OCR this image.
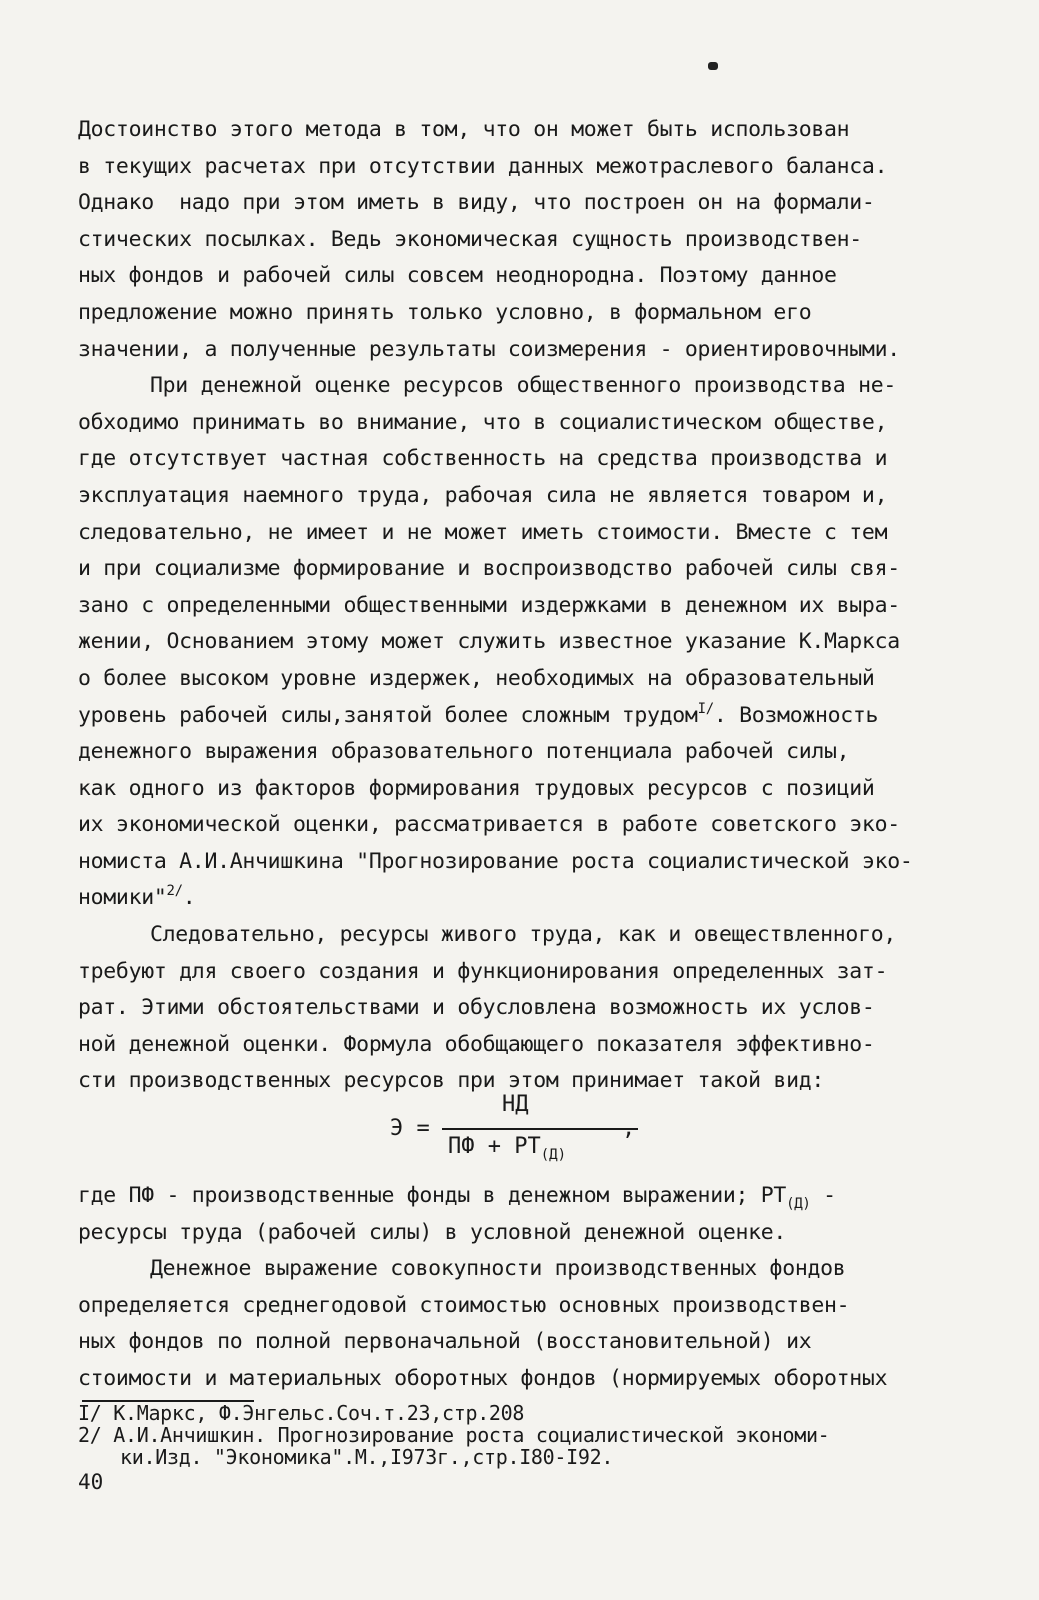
Достоинство этого метода в том, что он может быть использован
в текущих расчетах при отсутствии данных межотраслевого баланса.
Однако  надо при этом иметь в виду, что построен он на формали-
стических посылках. Ведь экономическая сущность производствен-
ных фондов и рабочей силы совсем неоднородна. Поэтому данное
предложение можно принять только условно, в формальном его
значении, а полученные результаты соизмерения - ориентировочными.
При денежной оценке ресурсов общественного производства не-
обходимо принимать во внимание, что в социалистическом обществе,
где отсутствует частная собственность на средства производства и
эксплуатация наемного труда, рабочая сила не является товаром и,
следовательно, не имеет и не может иметь стоимости. Вместе с тем
и при социализме формирование и воспроизводство рабочей силы свя-
зано с определенными общественными издержками в денежном их выра-
жении, Основанием этому может служить известное указание К.Маркса
о более высоком уровне издержек, необходимых на образовательный
уровень рабочей силы,занятой более сложным трудом$^{I/}$. Возможность
денежного выражения образовательного потенциала рабочей силы,
как одного из факторов формирования трудовых ресурсов с позиций
их экономической оценки, рассматривается в работе советского эко-
номиста А.И.Анчишкина "Прогнозирование роста социалистической эко-
номики"$^{2/}$.
Следовательно, ресурсы живого труда, как и овеществленного,
требуют для своего создания и функционирования определенных зат-
рат. Этими обстоятельствами и обусловлена возможность их услов-
ной денежной оценки. Формула обобщающего показателя эффективно-
сти производственных ресурсов при этом принимает такой вид:
Э =
НД
ПФ + $РТ_{(Д)}$
,
где ПФ - производственные фонды в денежном выражении; $РТ_{(Д)}$ -
ресурсы труда (рабочей силы) в условной денежной оценке.
Денежное выражение совокупности производственных фондов
определяется среднегодовой стоимостью основных производствен-
ных фондов по полной первоначальной (восстановительной) их
стоимости и материальных оборотных фондов (нормируемых оборотных
I/ К.Маркс, Ф.Энгельс.Соч.т.23,стр.208
2/ А.И.Анчишкин. Прогнозирование роста социалистической экономи-
ки.Изд. "Экономика".М.,I973г.,стр.I80-I92.
40
